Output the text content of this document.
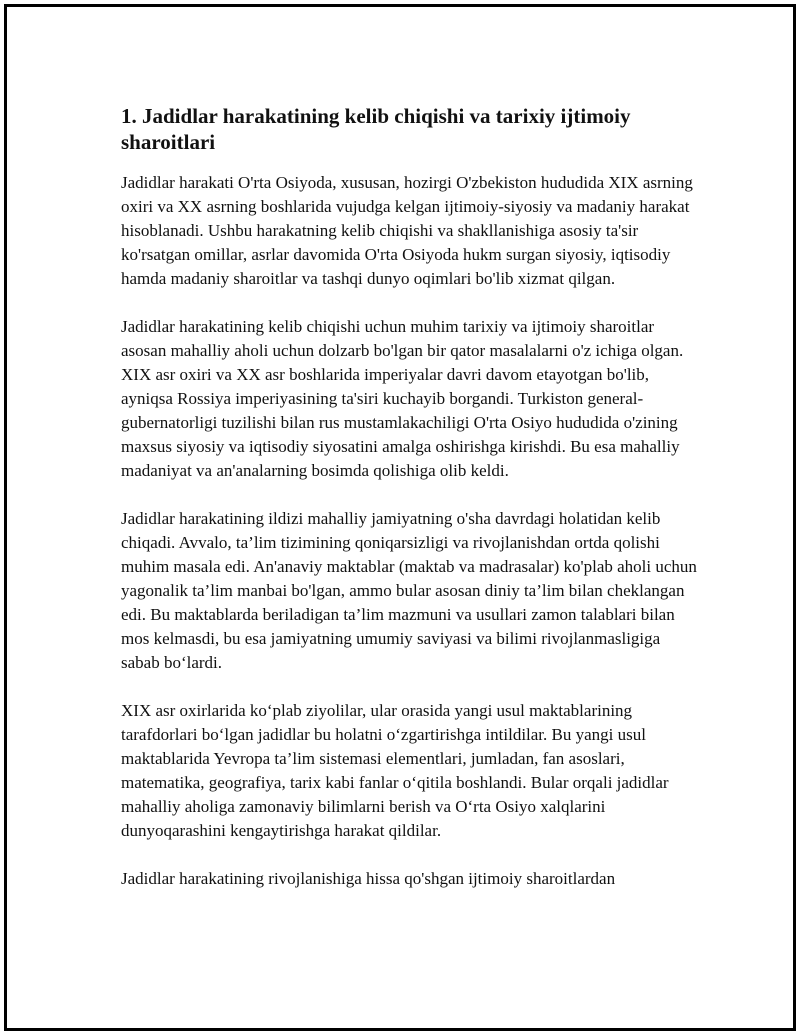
1. Jadidlar harakatining kelib chiqishi va tarixiy ijtimoiy sharoitlari

Jadidlar harakati O'rta Osiyoda, xususan, hozirgi O'zbekiston hududida XIX asrning oxiri va XX asrning boshlarida vujudga kelgan ijtimoiy-siyosiy va madaniy harakat hisoblanadi. Ushbu harakatning kelib chiqishi va shakllanishiga asosiy ta'sir ko'rsatgan omillar, asrlar davomida O'rta Osiyoda hukm surgan siyosiy, iqtisodiy hamda madaniy sharoitlar va tashqi dunyo oqimlari bo'lib xizmat qilgan.

Jadidlar harakatining kelib chiqishi uchun muhim tarixiy va ijtimoiy sharoitlar asosan mahalliy aholi uchun dolzarb bo'lgan bir qator masalalarni o'z ichiga olgan. XIX asr oxiri va XX asr boshlarida imperiyalar davri davom etayotgan bo'lib, ayniqsa Rossiya imperiyasining ta'siri kuchayib borgandi. Turkiston general-gubernatorligi tuzilishi bilan rus mustamlakachiligi O'rta Osiyo hududida o'zining maxsus siyosiy va iqtisodiy siyosatini amalga oshirishga kirishdi. Bu esa mahalliy madaniyat va an'analarning bosimda qolishiga olib keldi.

Jadidlar harakatining ildizi mahalliy jamiyatning o'sha davrdagi holatidan kelib chiqadi. Avvalo, ta’lim tizimining qoniqarsizligi va rivojlanishdan ortda qolishi muhim masala edi. An'anaviy maktablar (maktab va madrasalar) ko'plab aholi uchun yagonalik ta’lim manbai bo'lgan, ammo bular asosan diniy ta’lim bilan cheklangan edi. Bu maktablarda beriladigan ta’lim mazmuni va usullari zamon talablari bilan mos kelmasdi, bu esa jamiyatning umumiy saviyasi va bilimi rivojlanmasligiga sabab bo‘lardi.

XIX asr oxirlarida ko‘plab ziyolilar, ular orasida yangi usul maktablarining tarafdorlari bo‘lgan jadidlar bu holatni o‘zgartirishga intildilar. Bu yangi usul maktablarida Yevropa ta’lim sistemasi elementlari, jumladan, fan asoslari, matematika, geografiya, tarix kabi fanlar o‘qitila boshlandi. Bular orqali jadidlar mahalliy aholiga zamonaviy bilimlarni berish va O‘rta Osiyo xalqlarini dunyoqarashini kengaytirishga harakat qildilar.

Jadidlar harakatining rivojlanishiga hissa qo'shgan ijtimoiy sharoitlardan
